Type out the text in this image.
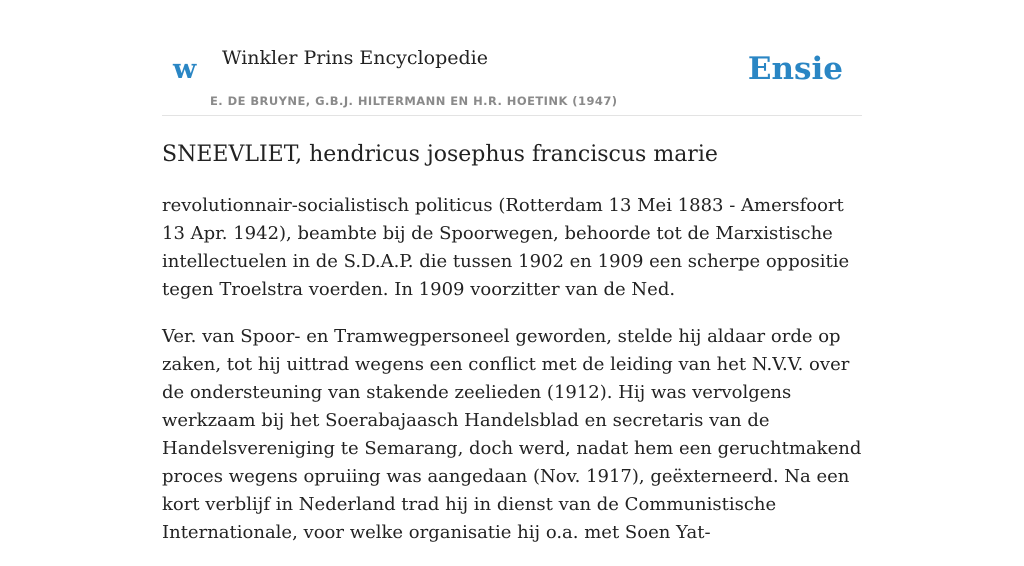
w Winkler Prins Encyclopedie
E. DE BRUYNE, G.B.J. HILTERMANN EN H.R. HOETINK (1947)
Ensie
SNEEVLIET, hendricus josephus franciscus marie

revolutionnair-socialistisch politicus (Rotterdam 13 Mei 1883 - Amersfoort 13 Apr. 1942), beambte bij de Spoorwegen, behoorde tot de Marxistische intellectuelen in de S.D.A.P. die tussen 1902 en 1909 een scherpe oppositie tegen Troelstra voerden. In 1909 voorzitter van de Ned.

Ver. van Spoor- en Tramwegpersoneel geworden, stelde hij aldaar orde op zaken, tot hij uittrad wegens een conflict met de leiding van het N.V.V. over de ondersteuning van stakende zeelieden (1912). Hij was vervolgens werkzaam bij het Soerabajaasch Handelsblad en secretaris van de Handelsvereniging te Semarang, doch werd, nadat hem een geruchtmakend proces wegens opruiing was aangedaan (Nov. 1917), geëxterneerd. Na een kort verblijf in Nederland trad hij in dienst van de Communistische Internationale, voor welke organisatie hij o.a. met Soen Yat-
